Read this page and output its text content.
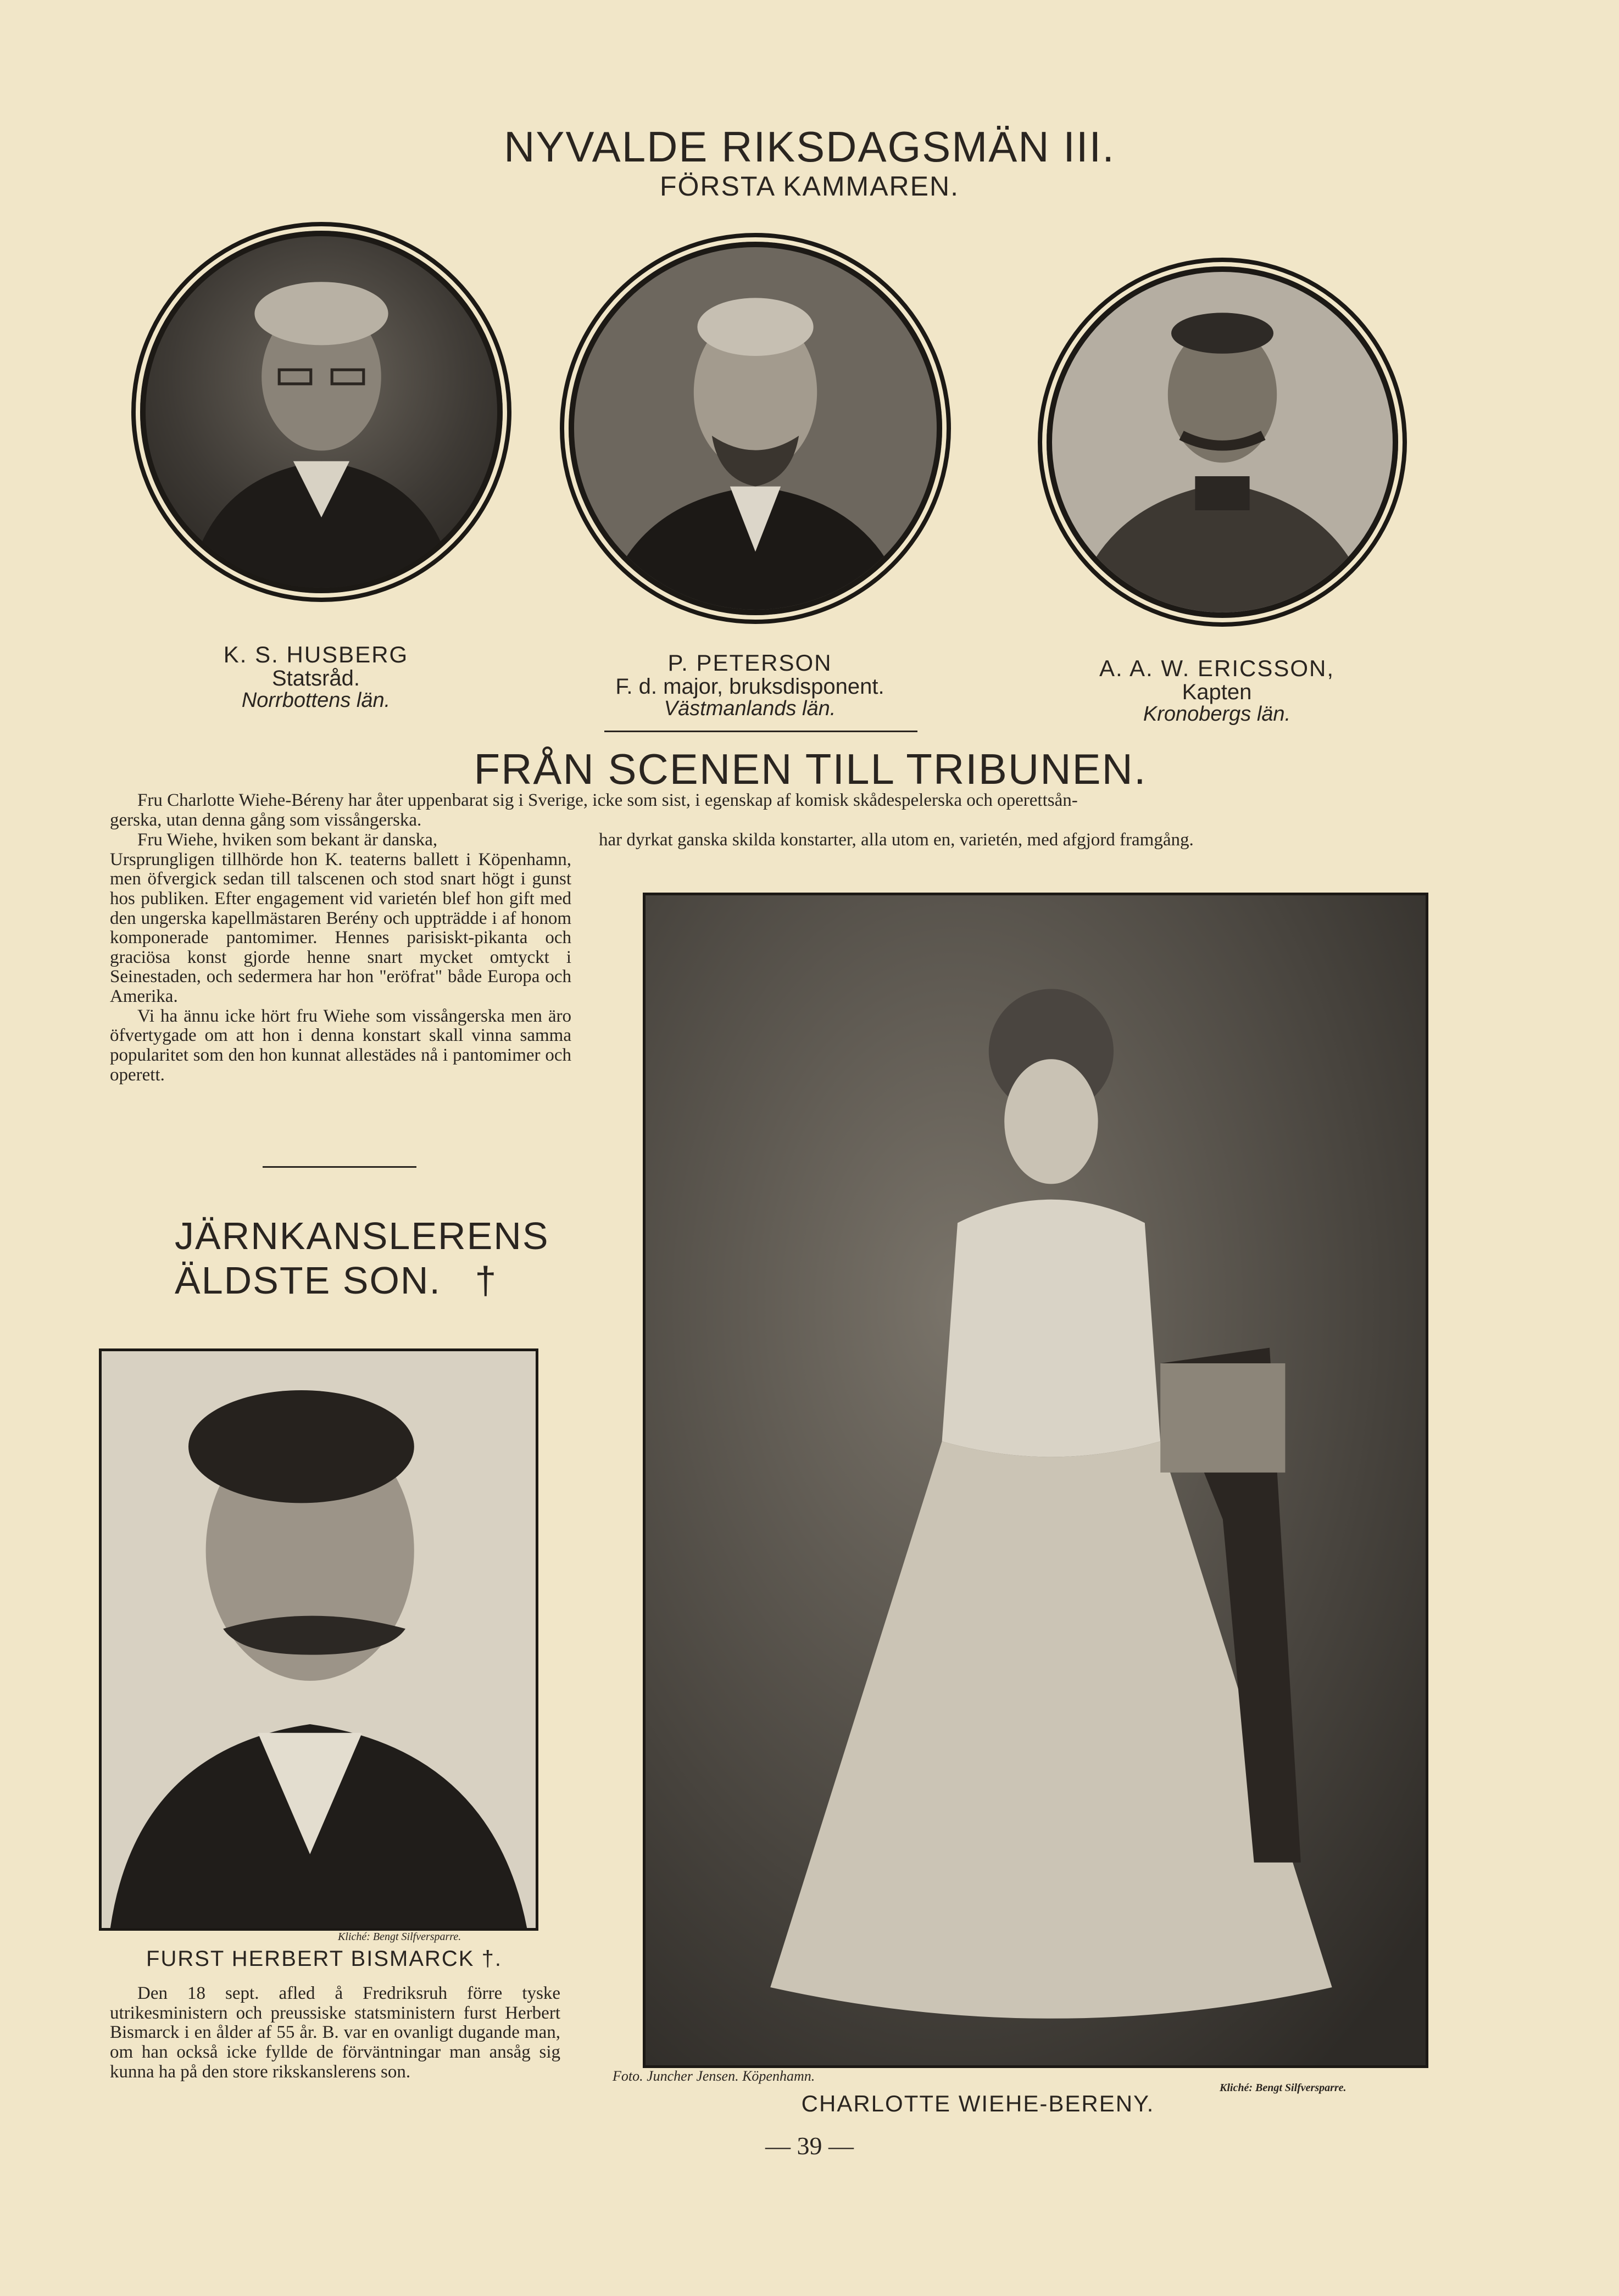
NYVALDE RIKSDAGSMÄN III.
FÖRSTA KAMMAREN.
K. S. HUSBERG
Statsråd.
Norrbottens län.
P. PETERSON
F. d. major, bruksdisponent.
Västmanlands län.
A. A. W. ERICSSON,
Kapten
Kronobergs län.
FRÅN SCENEN TILL TRIBUNEN.

Fru Charlotte Wiehe-Béreny har åter uppenbarat sig i Sverige, icke som sist, i egenskap af komisk skådespelerska och operettsån-

gerska, utan denna gång som vissångerska.

har dyrkat ganska skilda konstarter, alla utom en, varietén, med afgjord framgång.

Fru Wiehe, hviken som bekant är danska,

Ursprungligen tillhörde hon K. teaterns ballett i Köpenhamn, men öfvergick sedan till talscenen och stod snart högt i gunst hos publiken. Efter engagement vid varietén blef hon gift med den ungerska kapellmästaren Berény och uppträdde i af honom komponerade pantomimer. Hennes parisiskt-pikanta och graciösa konst gjorde henne snart mycket omtyckt i Seinestaden, och sedermera har hon "eröfrat" både Europa och Amerika.

Vi ha ännu icke hört fru Wiehe som vissångerska men äro öfvertygade om att hon i denna konstart skall vinna samma popularitet som den hon kunnat allestädes nå i pantomimer och operett.

Foto. Juncher Jensen. Köpenhamn.
Kliché: Bengt Silfversparre.
CHARLOTTE WIEHE-BERENY.
JÄRNKANSLERENS
ÄLDSTE SON. †
Kliché: Bengt Silfversparre.
FURST HERBERT BISMARCK †.

Den 18 sept. afled å Fredriksruh förre tyske utrikesministern och preussiske statsministern furst Herbert Bismarck i en ålder af 55 år. B. var en ovanligt dugande man, om han också icke fyllde de förväntningar man ansåg sig kunna ha på den store rikskanslerens son.

— 39 —
